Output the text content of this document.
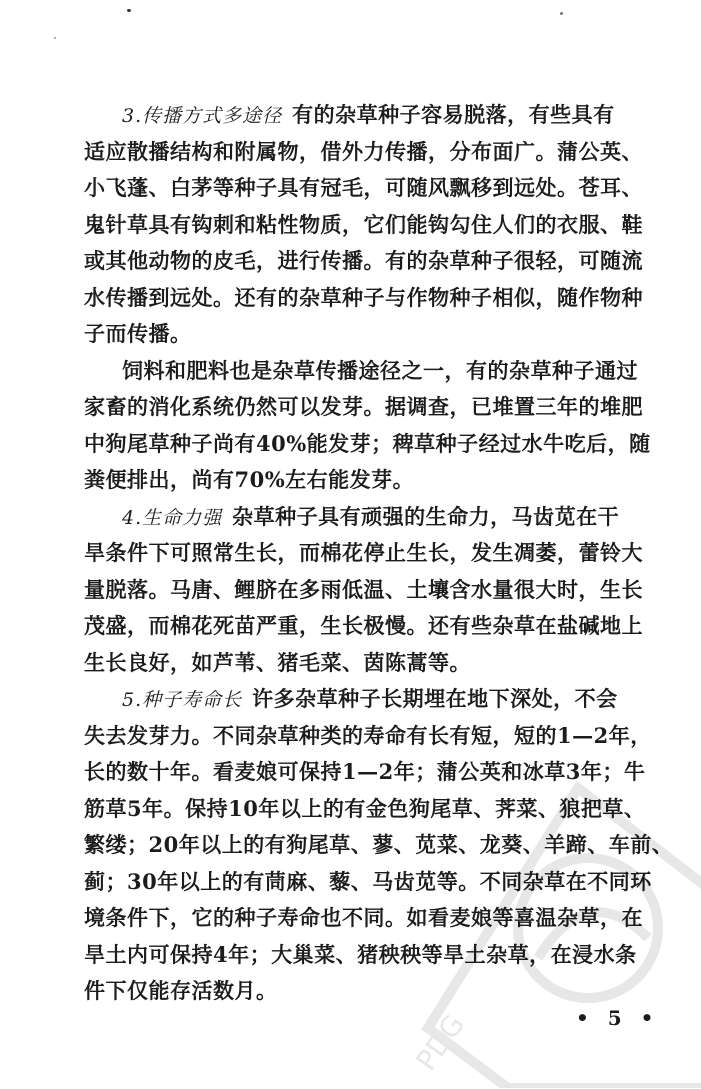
3.传播方式多途径 有的杂草种子容易脱落，有些具有
适应散播结构和附属物，借外力传播，分布面广。蒲公英、
小飞蓬、白茅等种子具有冠毛，可随风飘移到远处。苍耳、
鬼针草具有钩刺和粘性物质，它们能钩勾住人们的衣服、鞋
或其他动物的皮毛，进行传播。有的杂草种子很轻，可随流
水传播到远处。还有的杂草种子与作物种子相似，随作物种
子而传播。

饲料和肥料也是杂草传播途径之一，有的杂草种子通过
家畜的消化系统仍然可以发芽。据调查，已堆置三年的堆肥
中狗尾草种子尚有40%能发芽；稗草种子经过水牛吃后，随
粪便排出，尚有70%左右能发芽。

4.生命力强 杂草种子具有顽强的生命力，马齿苋在干
旱条件下可照常生长，而棉花停止生长，发生凋萎，蕾铃大
量脱落。马唐、鲤脐在多雨低温、土壤含水量很大时，生长
茂盛，而棉花死苗严重，生长极慢。还有些杂草在盐碱地上
生长良好，如芦苇、猪毛菜、茵陈蒿等。

5.种子寿命长 许多杂草种子长期埋在地下深处，不会
失去发芽力。不同杂草种类的寿命有长有短，短的1—2年，
长的数十年。看麦娘可保持1—2年；蒲公英和冰草3年；牛
筋草5年。保持10年以上的有金色狗尾草、荠菜、狼把草、
繁缕；20年以上的有狗尾草、蓼、苋菜、龙葵、羊蹄、车前、
蓟；30年以上的有茼麻、藜、马齿苋等。不同杂草在不同环
境条件下，它的种子寿命也不同。如看麦娘等喜温杂草，在
旱土内可保持4年；大巢菜、猪秧秧等旱土杂草，在浸水条
件下仅能存活数月。

• 5 •
PDG
